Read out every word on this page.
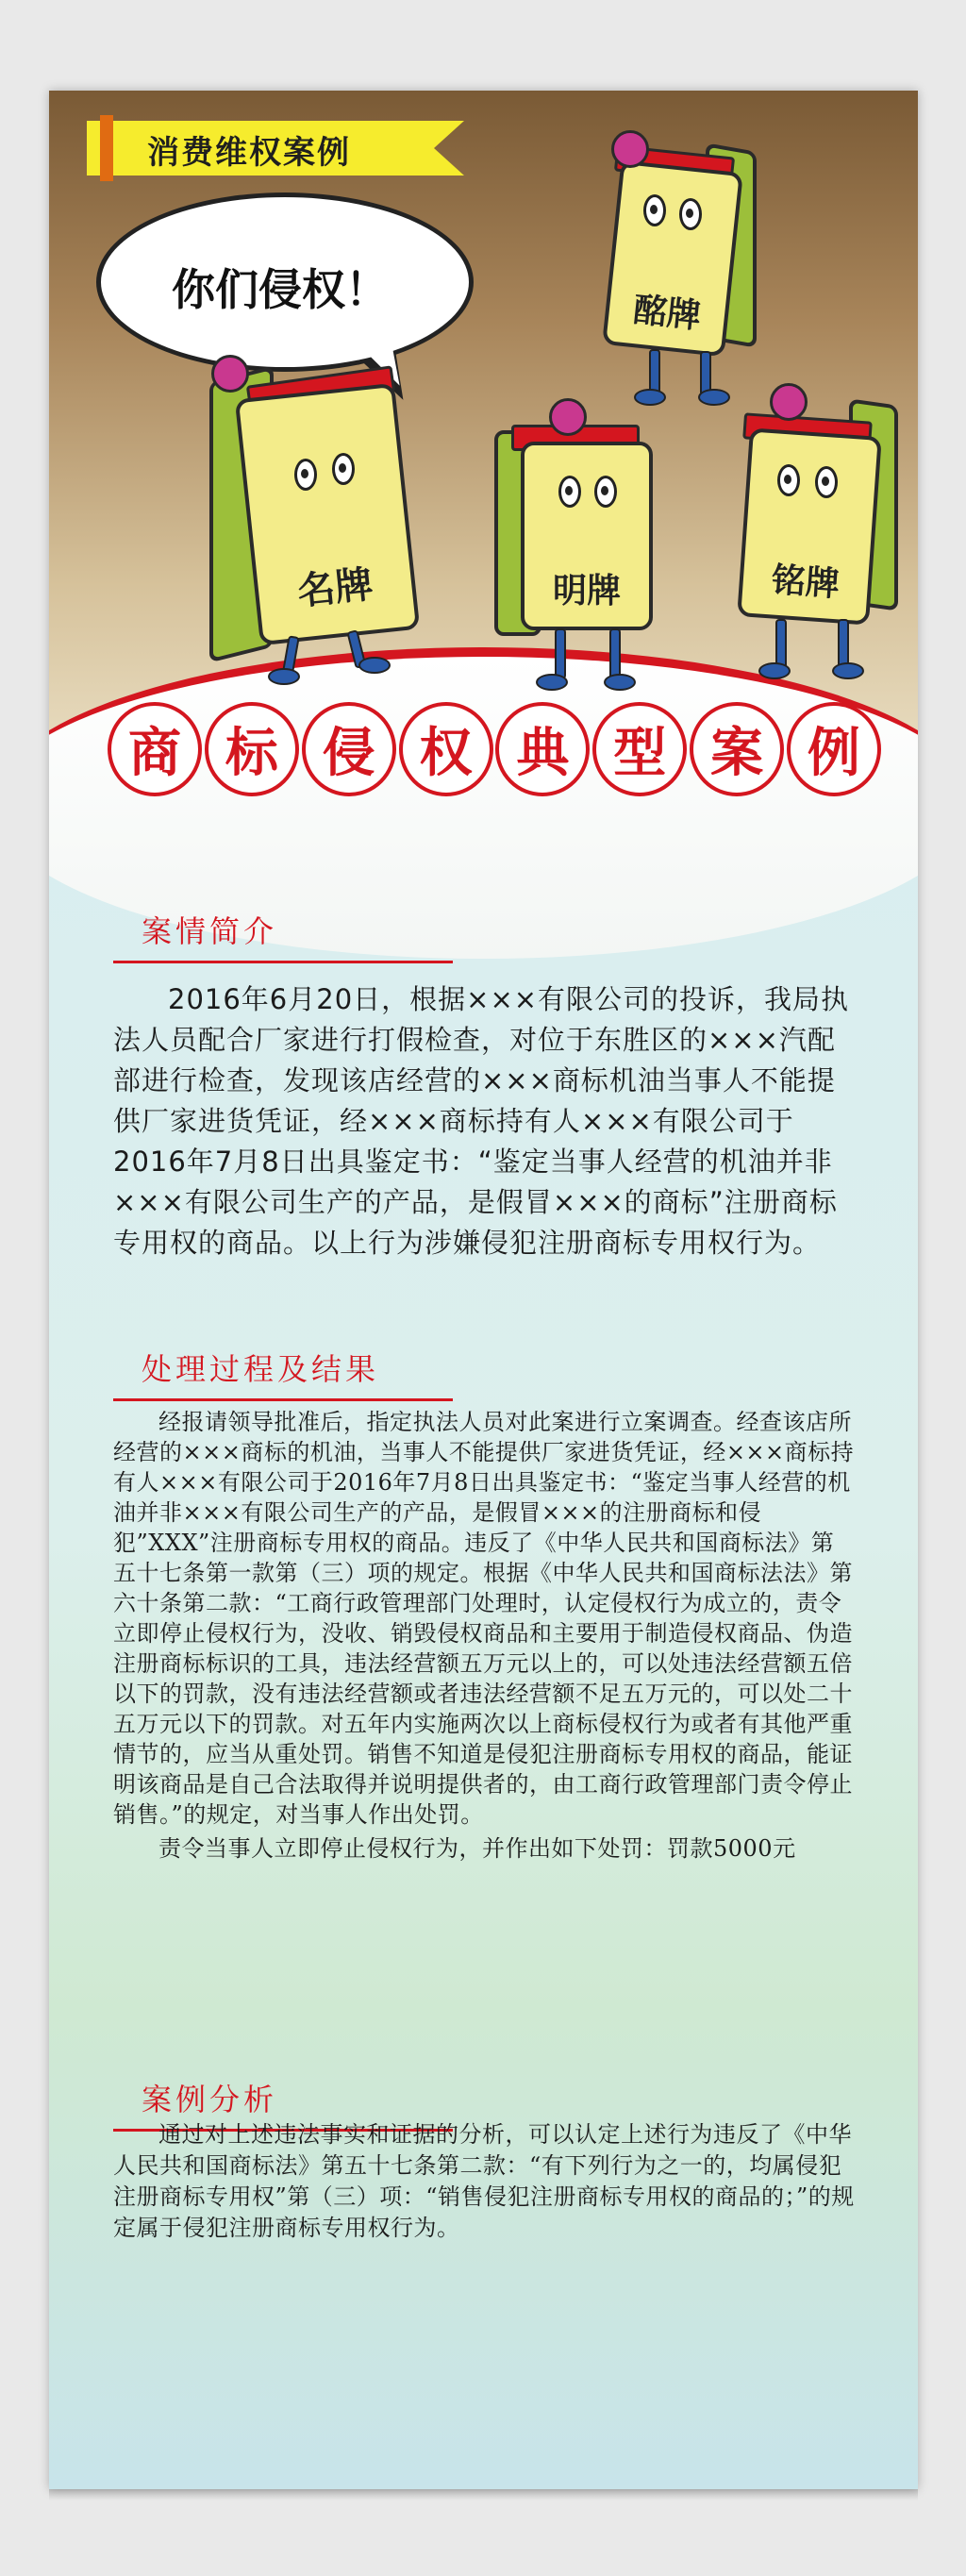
消费维权案例
你们侵权！
名牌	明牌
酩牌
铭牌
商 标 侵 权 典 型 案 例
案情简介

2016年6月20日，根据×××有限公司的投诉，我局执法人员配合厂家进行打假检查，对位于东胜区的×××汽配部进行检查，发现该店经营的×××商标机油当事人不能提供厂家进货凭证，经×××商标持有人×××有限公司于2016年7月8日出具鉴定书：“鉴定当事人经营的机油并非×××有限公司生产的产品，是假冒×××的商标”注册商标专用权的商品。以上行为涉嫌侵犯注册商标专用权行为。

处理过程及结果

经报请领导批准后，指定执法人员对此案进行立案调查。经查该店所经营的×××商标的机油，当事人不能提供厂家进货凭证，经×××商标持有人×××有限公司于2016年7月8日出具鉴定书：“鉴定当事人经营的机油并非×××有限公司生产的产品，是假冒×××的注册商标和侵犯”XXX”注册商标专用权的商品。违反了《中华人民共和国商标法》第五十七条第一款第（三）项的规定。根据《中华人民共和国商标法法》第六十条第二款：“工商行政管理部门处理时，认定侵权行为成立的，责令立即停止侵权行为，没收、销毁侵权商品和主要用于制造侵权商品、伪造注册商标标识的工具，违法经营额五万元以上的，可以处违法经营额五倍以下的罚款，没有违法经营额或者违法经营额不足五万元的，可以处二十五万元以下的罚款。对五年内实施两次以上商标侵权行为或者有其他严重情节的，应当从重处罚。销售不知道是侵犯注册商标专用权的商品，能证明该商品是自己合法取得并说明提供者的，由工商行政管理部门责令停止销售。”的规定，对当事人作出处罚。

责令当事人立即停止侵权行为，并作出如下处罚：罚款5000元

案例分析

通过对上述违法事实和证据的分析，可以认定上述行为违反了《中华人民共和国商标法》第五十七条第二款：“有下列行为之一的，均属侵犯注册商标专用权”第（三）项：“销售侵犯注册商标专用权的商品的；”的规定属于侵犯注册商标专用权行为。
